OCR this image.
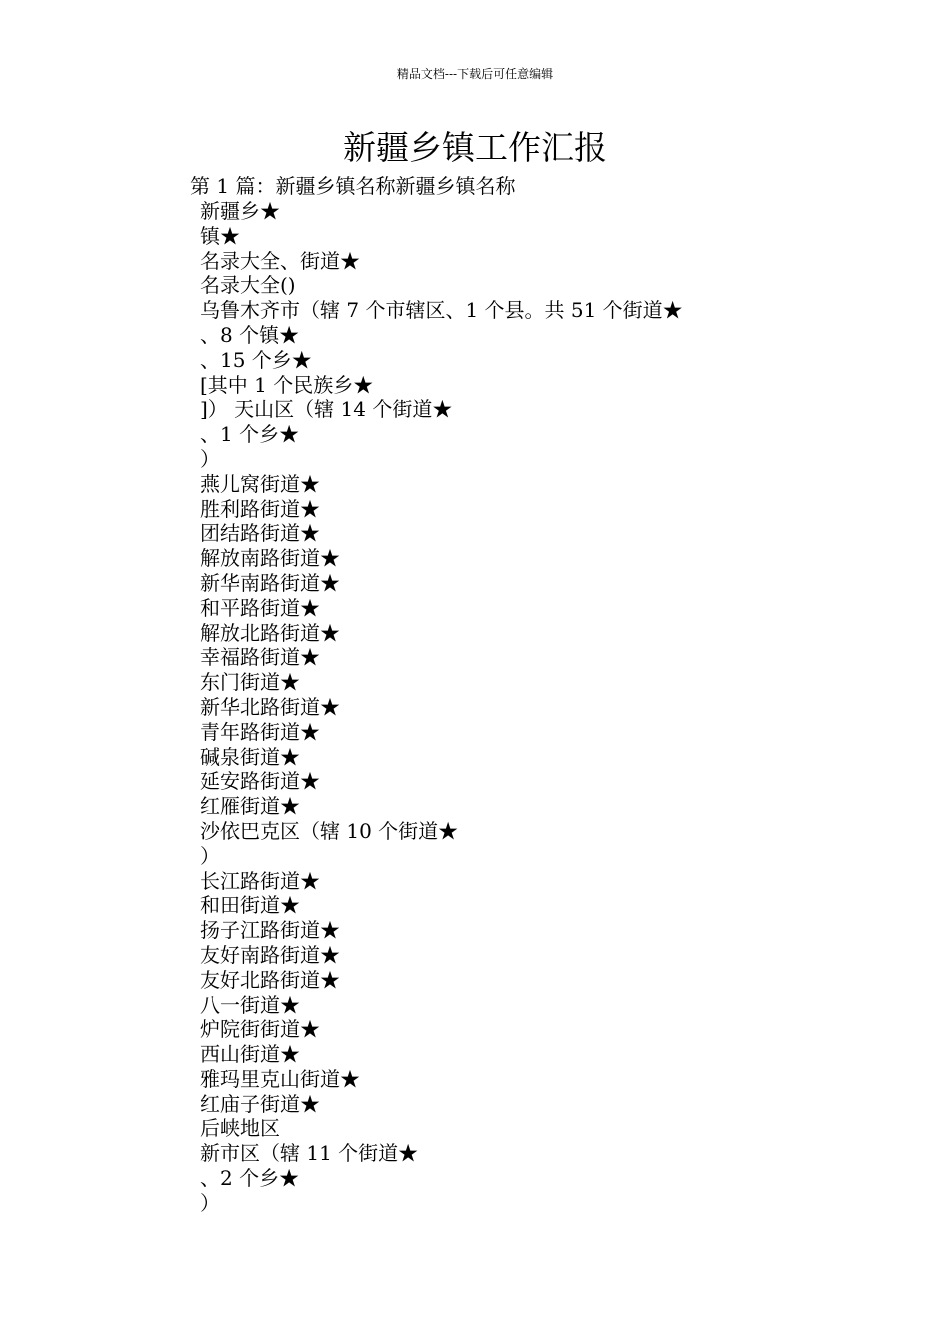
精品文档---下载后可任意编辑
新疆乡镇工作汇报
第 1 篇：新疆乡镇名称新疆乡镇名称
新疆乡★
镇★
名录大全、街道★
名录大全()
乌鲁木齐市（辖 7 个市辖区、1 个县。共 51 个街道★
、8 个镇★
、15 个乡★
[其中 1 个民族乡★
]） 天山区（辖 14 个街道★
、1 个乡★
）
燕儿窝街道★
胜利路街道★
团结路街道★
解放南路街道★
新华南路街道★
和平路街道★
解放北路街道★
幸福路街道★
东门街道★
新华北路街道★
青年路街道★
碱泉街道★
延安路街道★
红雁街道★
沙依巴克区（辖 10 个街道★
）
长江路街道★
和田街道★
扬子江路街道★
友好南路街道★
友好北路街道★
八一街道★
炉院街街道★
西山街道★
雅玛里克山街道★
红庙子街道★
后峡地区
新市区（辖 11 个街道★
、2 个乡★
）
